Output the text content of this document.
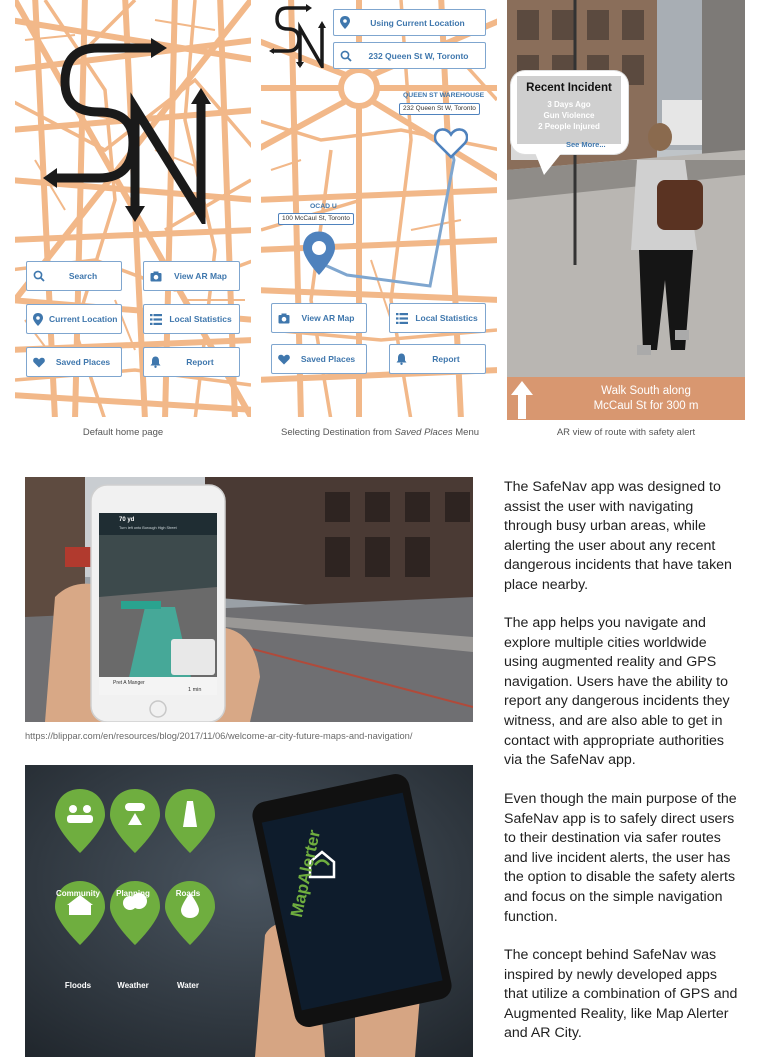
Search	View AR Map
Current Location	Local Statistics
Saved Places	Report
Using Current Location
232 Queen St W, Toronto
QUEEN ST WAREHOUSE
232 Queen St W, Toronto
OCAD U
100 McCaul St, Toronto
View AR Map	Local Statistics
Saved Places	Report
Recent Incident
3 Days Ago
Gun Violence
2 People Injured
See More...
Walk South along
McCaul St for 300 m
Default home page	Selecting Destination from Saved Places Menu	AR view of route with safety alert
70 yd
Turn left onto Borough High Street
Pret A Manger
1 min
https://blippar.com/en/resources/blog/2017/11/06/welcome-ar-city-future-maps-and-navigation/
Community	Planning	Roads
Floods	Weather	Water
MapAlerter

The SafeNav app was designed to assist the user with navigating through busy urban areas, while alerting the user about any recent dangerous incidents that have taken place nearby.

The app helps you navigate and explore multiple cities worldwide using augmented reality and GPS navigation. Users have the ability to report any dangerous incidents they witness, and are also able to get in contact with appropriate authorities via the SafeNav app.

Even though the main purpose of the SafeNav app is to safely direct users to their destination via safer routes and live incident alerts, the user has the option to disable the safety alerts and focus on the simple navigation function.

The concept behind SafeNav was inspired by newly developed apps that utilize a combination of GPS and Augmented Reality, like Map Alerter and AR City.
